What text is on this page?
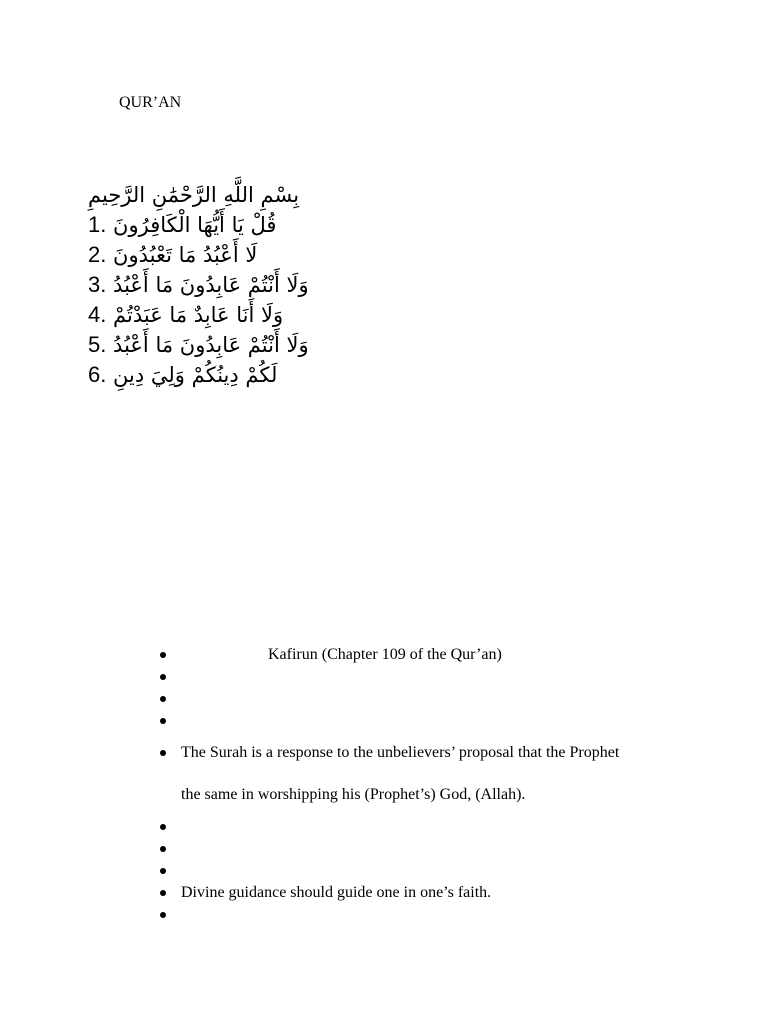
QUR’AN
بِسْمِ اللَّهِ الرَّحْمَٰنِ الرَّحِيمِ
1. قُلْ يَا أَيُّهَا الْكَافِرُونَ
2. لَا أَعْبُدُ مَا تَعْبُدُونَ
3. وَلَا أَنْتُمْ عَابِدُونَ مَا أَعْبُدُ
4. وَلَا أَنَا عَابِدٌ مَا عَبَدْتُمْ
5. وَلَا أَنْتُمْ عَابِدُونَ مَا أَعْبُدُ
6. لَكُمْ دِينُكُمْ وَلِيَ دِينِ
Kafirun (Chapter 109 of the Qur’an)
The Surah is a response to the unbelievers’ proposal that the Prophet
the same in worshipping his (Prophet’s) God, (Allah).
Divine guidance should guide one in one’s faith.
